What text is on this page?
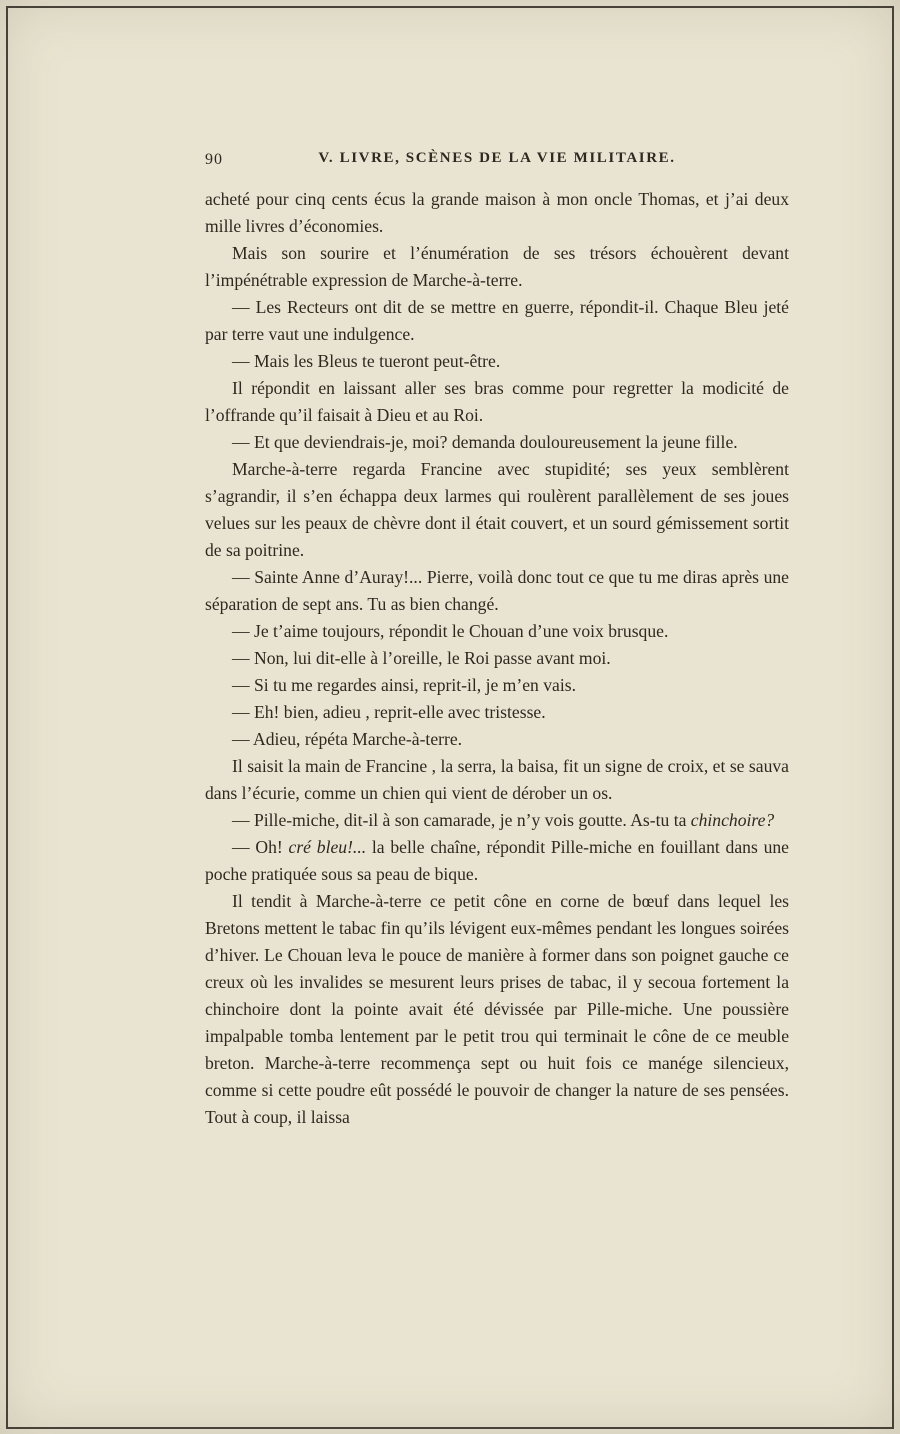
90	V. LIVRE, SCÈNES DE LA VIE MILITAIRE.

acheté pour cinq cents écus la grande maison à mon oncle Thomas, et j’ai deux mille livres d’économies.

Mais son sourire et l’énumération de ses trésors échouèrent devant l’impénétrable expression de Marche-à-terre.

— Les Recteurs ont dit de se mettre en guerre, répondit-il. Chaque Bleu jeté par terre vaut une indulgence.

— Mais les Bleus te tueront peut-être.

Il répondit en laissant aller ses bras comme pour regretter la modicité de l’offrande qu’il faisait à Dieu et au Roi.

— Et que deviendrais-je, moi? demanda douloureusement la jeune fille.

Marche-à-terre regarda Francine avec stupidité; ses yeux semblèrent s’agrandir, il s’en échappa deux larmes qui roulèrent parallèlement de ses joues velues sur les peaux de chèvre dont il était couvert, et un sourd gémissement sortit de sa poitrine.

— Sainte Anne d’Auray!... Pierre, voilà donc tout ce que tu me diras après une séparation de sept ans. Tu as bien changé.

— Je t’aime toujours, répondit le Chouan d’une voix brusque.

— Non, lui dit-elle à l’oreille, le Roi passe avant moi.

— Si tu me regardes ainsi, reprit-il, je m’en vais.

— Eh! bien, adieu , reprit-elle avec tristesse.

— Adieu, répéta Marche-à-terre.

Il saisit la main de Francine , la serra, la baisa, fit un signe de croix, et se sauva dans l’écurie, comme un chien qui vient de dérober un os.

— Pille-miche, dit-il à son camarade, je n’y vois goutte. As-tu ta chinchoire?

— Oh! cré bleu!... la belle chaîne, répondit Pille-miche en fouillant dans une poche pratiquée sous sa peau de bique.

Il tendit à Marche-à-terre ce petit cône en corne de bœuf dans lequel les Bretons mettent le tabac fin qu’ils lévigent eux-mêmes pendant les longues soirées d’hiver. Le Chouan leva le pouce de manière à former dans son poignet gauche ce creux où les invalides se mesurent leurs prises de tabac, il y secoua fortement la chinchoire dont la pointe avait été dévissée par Pille-miche. Une poussière impalpable tomba lentement par le petit trou qui terminait le cône de ce meuble breton. Marche-à-terre recommença sept ou huit fois ce manége silencieux, comme si cette poudre eût possédé le pouvoir de changer la nature de ses pensées. Tout à coup, il laissa
